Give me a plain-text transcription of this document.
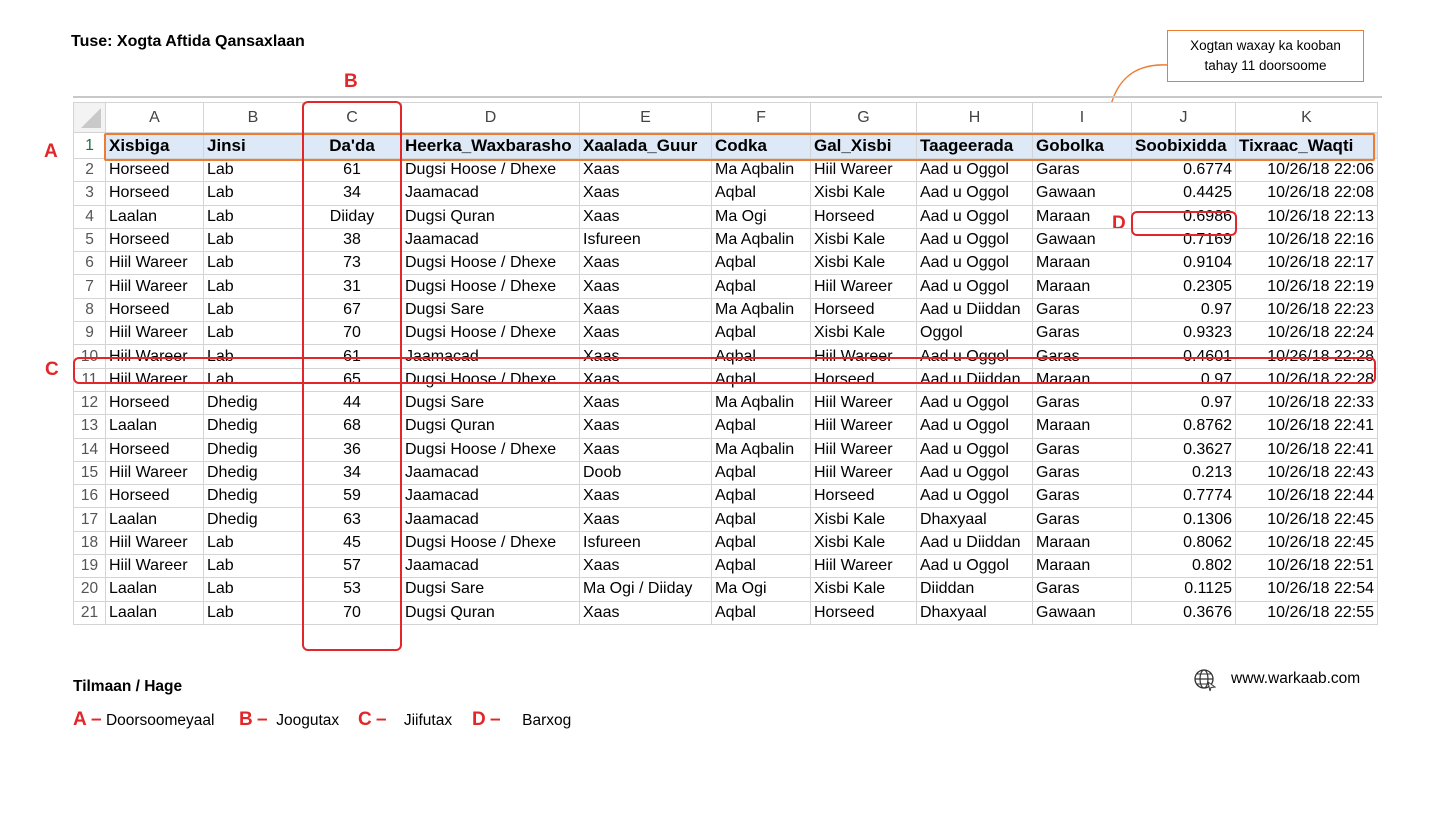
Tuse: Xogta Aftida Qansaxlaan	Xogtan waxay ka kooban
tahay 11 doorsoome
B
A
C
D
	A	B	C	D	E	F	G	H	I	J	K
1	Xisbiga	Jinsi	Da'da	Heerka_Waxbarasho	Xaalada_Guur	Codka	Gal_Xisbi	Taageerada	Gobolka	Soobixidda	Tixraac_Waqti
2	Horseed	Lab	61	Dugsi Hoose / Dhexe	Xaas	Ma Aqbalin	Hiil Wareer	Aad u Oggol	Garas	0.6774	10/26/18 22:06
3	Horseed	Lab	34	Jaamacad	Xaas	Aqbal	Xisbi Kale	Aad u Oggol	Gawaan	0.4425	10/26/18 22:08
4	Laalan	Lab	Diiday	Dugsi Quran	Xaas	Ma Ogi	Horseed	Aad u Oggol	Maraan	0.6986	10/26/18 22:13
5	Horseed	Lab	38	Jaamacad	Isfureen	Ma Aqbalin	Xisbi Kale	Aad u Oggol	Gawaan	0.7169	10/26/18 22:16
6	Hiil Wareer	Lab	73	Dugsi Hoose / Dhexe	Xaas	Aqbal	Xisbi Kale	Aad u Oggol	Maraan	0.9104	10/26/18 22:17
7	Hiil Wareer	Lab	31	Dugsi Hoose / Dhexe	Xaas	Aqbal	Hiil Wareer	Aad u Oggol	Maraan	0.2305	10/26/18 22:19
8	Horseed	Lab	67	Dugsi Sare	Xaas	Ma Aqbalin	Horseed	Aad u Diiddan	Garas	0.97	10/26/18 22:23
9	Hiil Wareer	Lab	70	Dugsi Hoose / Dhexe	Xaas	Aqbal	Xisbi Kale	Oggol	Garas	0.9323	10/26/18 22:24
10	Hiil Wareer	Lab	61	Jaamacad	Xaas	Aqbal	Hiil Wareer	Aad u Oggol	Garas	0.4601	10/26/18 22:28
11	Hiil Wareer	Lab	65	Dugsi Hoose / Dhexe	Xaas	Aqbal	Horseed	Aad u Diiddan	Maraan	0.97	10/26/18 22:28
12	Horseed	Dhedig	44	Dugsi Sare	Xaas	Ma Aqbalin	Hiil Wareer	Aad u Oggol	Garas	0.97	10/26/18 22:33
13	Laalan	Dhedig	68	Dugsi Quran	Xaas	Aqbal	Hiil Wareer	Aad u Oggol	Maraan	0.8762	10/26/18 22:41
14	Horseed	Dhedig	36	Dugsi Hoose / Dhexe	Xaas	Ma Aqbalin	Hiil Wareer	Aad u Oggol	Garas	0.3627	10/26/18 22:41
15	Hiil Wareer	Dhedig	34	Jaamacad	Doob	Aqbal	Hiil Wareer	Aad u Oggol	Garas	0.213	10/26/18 22:43
16	Horseed	Dhedig	59	Jaamacad	Xaas	Aqbal	Horseed	Aad u Oggol	Garas	0.7774	10/26/18 22:44
17	Laalan	Dhedig	63	Jaamacad	Xaas	Aqbal	Xisbi Kale	Dhaxyaal	Garas	0.1306	10/26/18 22:45
18	Hiil Wareer	Lab	45	Dugsi Hoose / Dhexe	Isfureen	Aqbal	Xisbi Kale	Aad u Diiddan	Maraan	0.8062	10/26/18 22:45
19	Hiil Wareer	Lab	57	Jaamacad	Xaas	Aqbal	Hiil Wareer	Aad u Oggol	Maraan	0.802	10/26/18 22:51
20	Laalan	Lab	53	Dugsi Sare	Ma Ogi / Diiday	Ma Ogi	Xisbi Kale	Diiddan	Garas	0.1125	10/26/18 22:54
21	Laalan	Lab	70	Dugsi Quran	Xaas	Aqbal	Horseed	Dhaxyaal	Gawaan	0.3676	10/26/18 22:55
Tilmaan / Hage
A – Doorsoomeyaal B – Joogutax C – Jiifutax D – Barxog
www.warkaab.com
